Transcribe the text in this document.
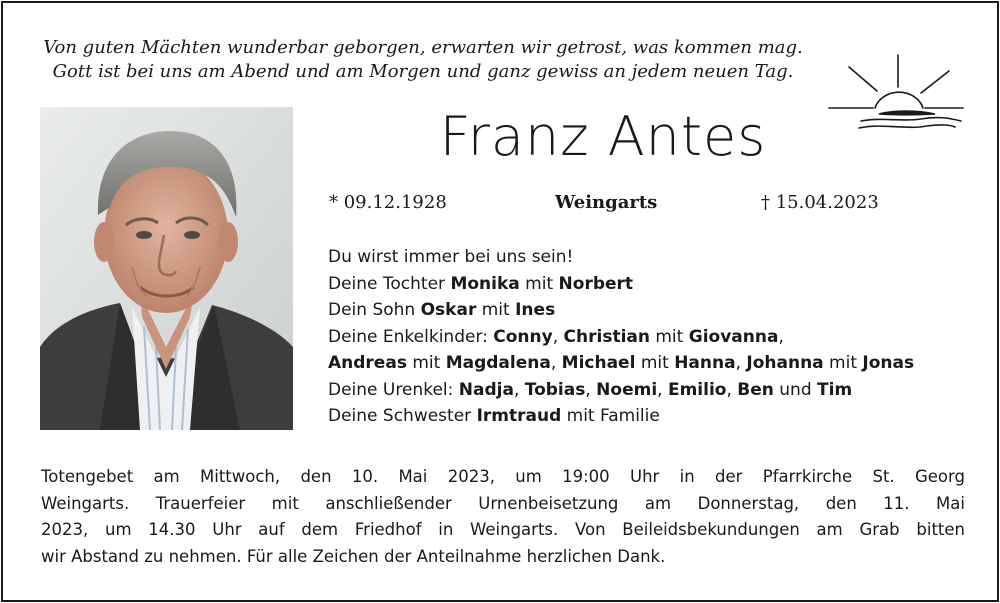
Von guten Mächten wunderbar geborgen, erwarten wir getrost, was kommen mag.
Gott ist bei uns am Abend und am Morgen und ganz gewiss an jedem neuen Tag.
Franz Antes
* 09.12.1928	Weingarts	† 15.04.2023
Du wirst immer bei uns sein!
Deine Tochter Monika mit Norbert
Dein Sohn Oskar mit Ines
Deine Enkelkinder: Conny, Christian mit Giovanna,
Andreas mit Magdalena, Michael mit Hanna, Johanna mit Jonas
Deine Urenkel: Nadja, Tobias, Noemi, Emilio, Ben und Tim
Deine Schwester Irmtraud mit Familie
Totengebet am Mittwoch, den 10. Mai 2023, um 19:00 Uhr in der Pfarrkirche St. Georg
Weingarts. Trauerfeier mit anschließender Urnenbeisetzung am Donnerstag, den 11. Mai
2023, um 14.30 Uhr auf dem Friedhof in Weingarts. Von Beileidsbekundungen am Grab bitten
wir Abstand zu nehmen. Für alle Zeichen der Anteilnahme herzlichen Dank.
